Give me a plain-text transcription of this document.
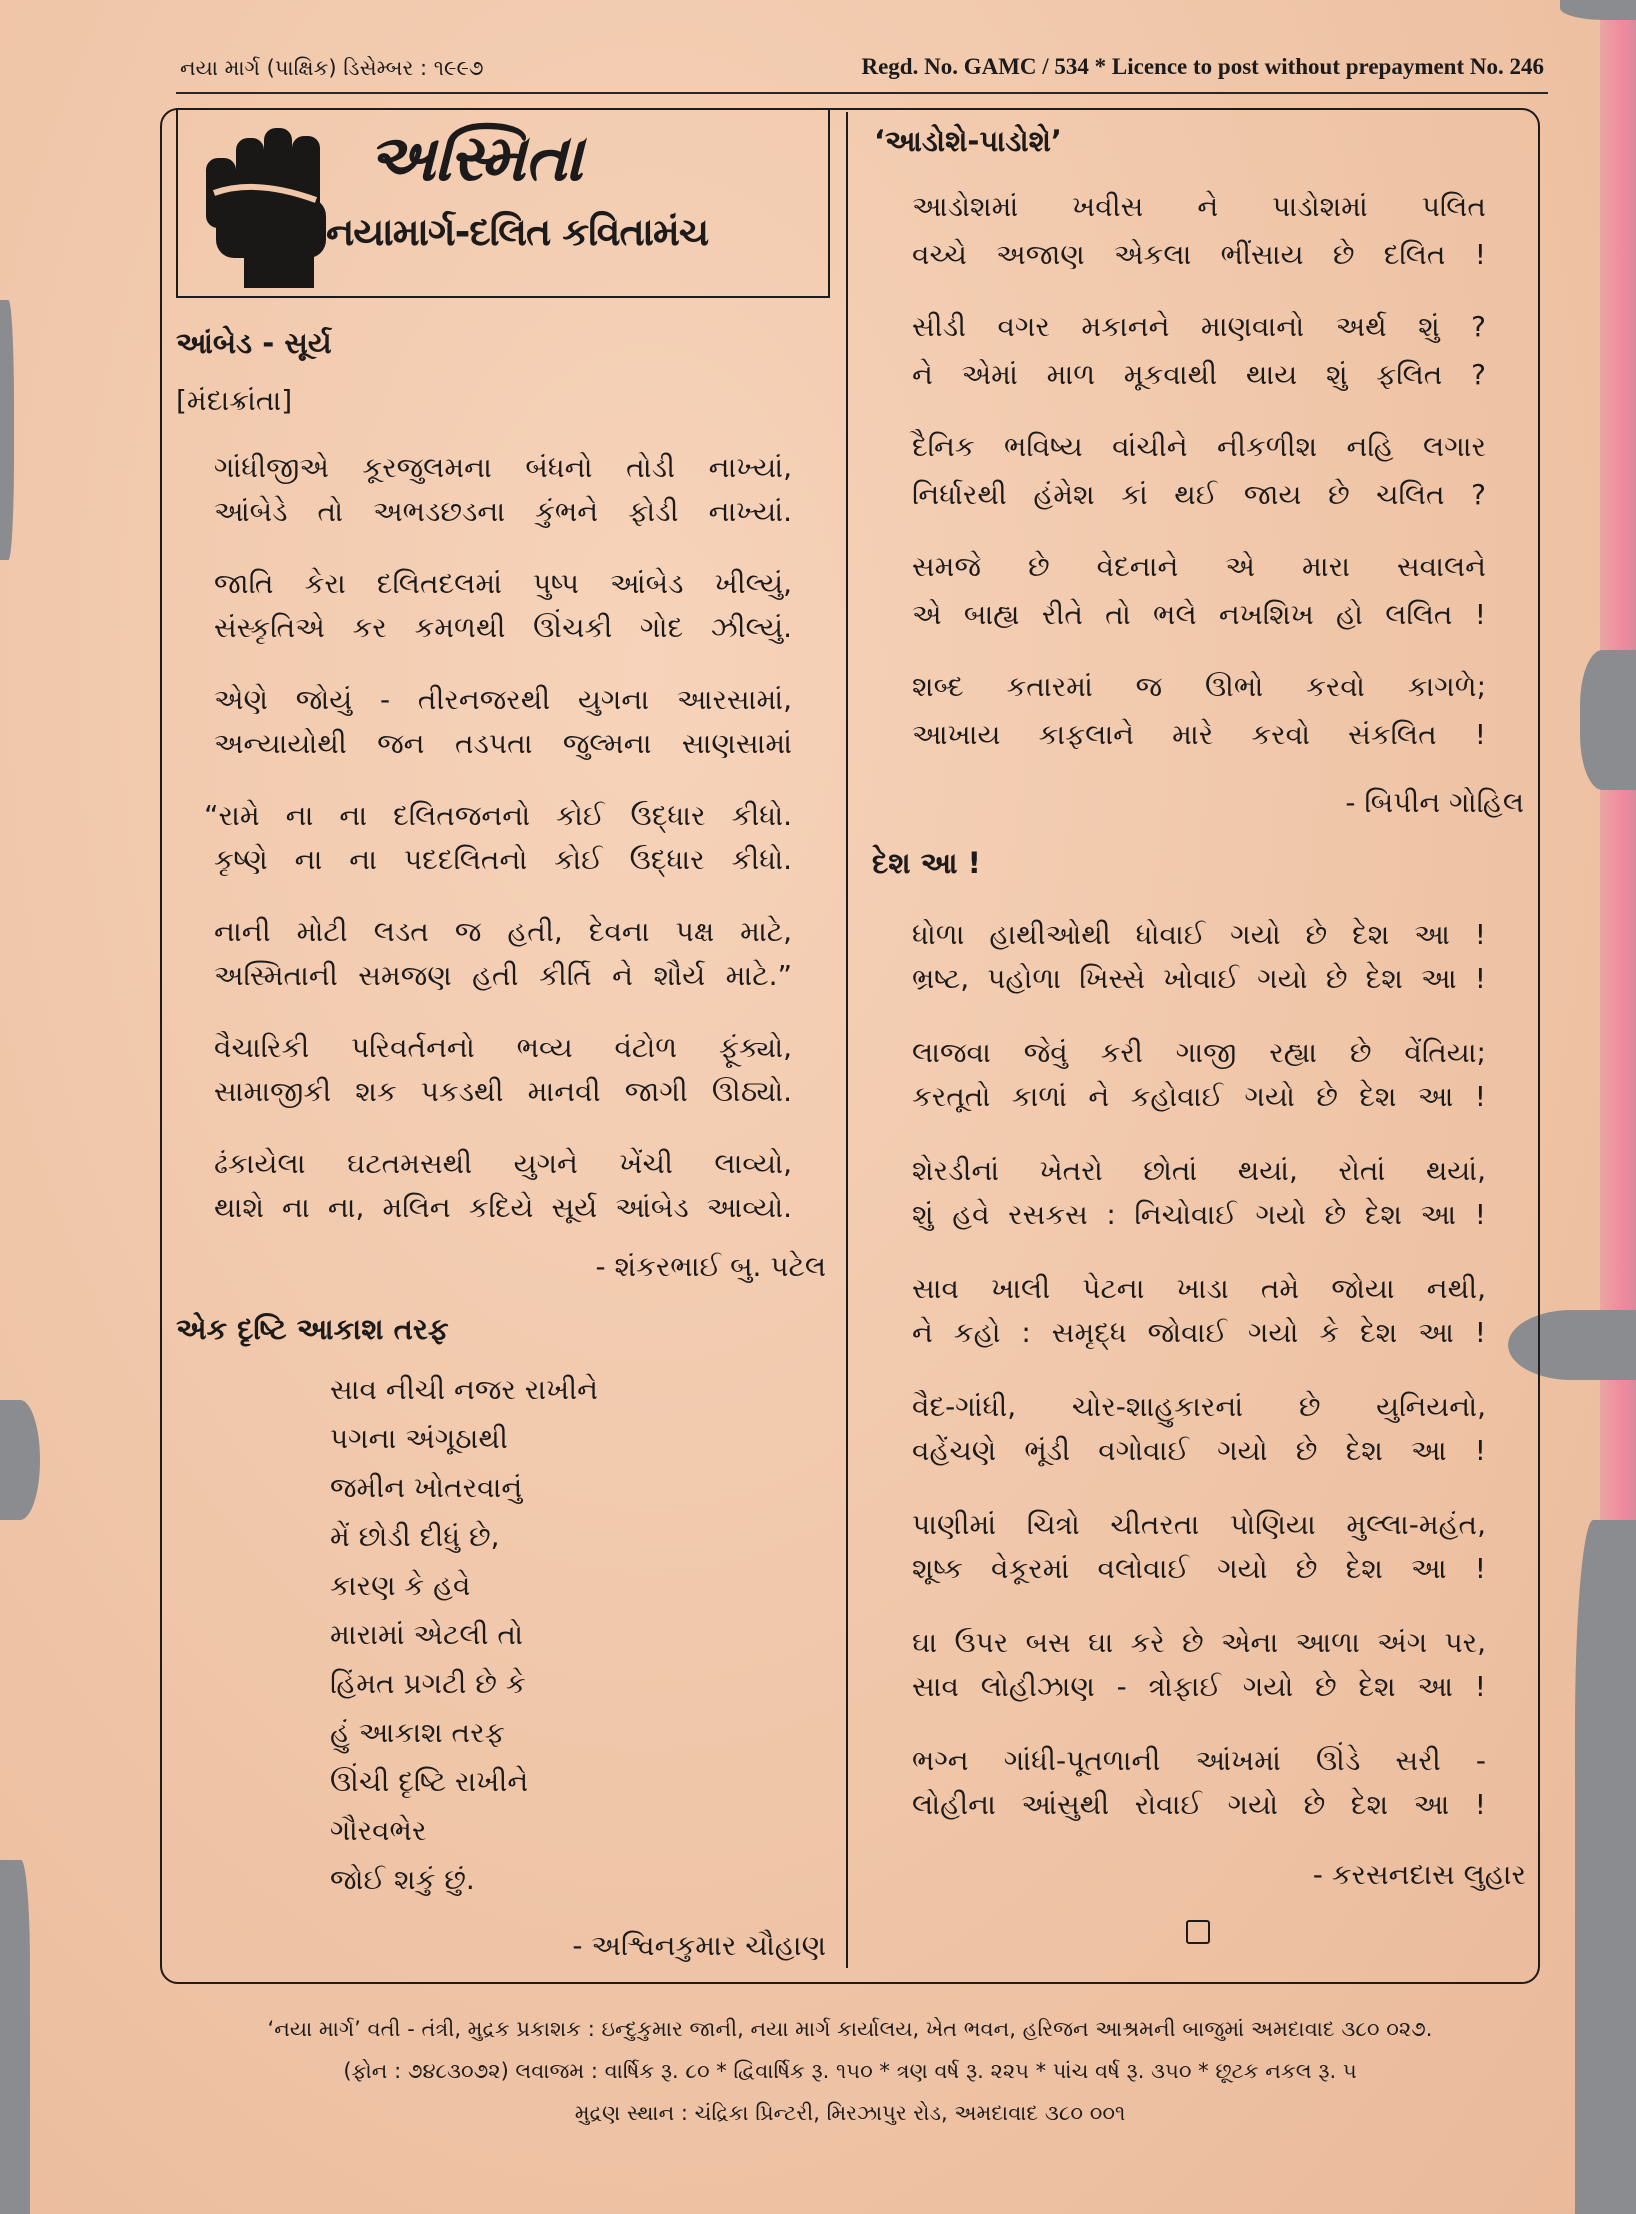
નયા માર્ગ (પાક્ષિક) ડિસેમ્બર : ૧૯૯૭	Regd. No. GAMC / 534 * Licence to post without prepayment No. 246
અસ્મિતા
નયામાર્ગ-દલિત કવિતામંચ
આંબેડ - સૂર્ય
[મંદાક્રાંતા]
ગાંધીજીએ કૂરજુલમના બંધનો તોડી નાખ્યાં,
આંબેડે તો અભડછડના કુંભને ફોડી નાખ્યાં.
જાતિ કેરા દલિતદલમાં પુષ્પ આંબેડ ખીલ્યું,
સંસ્કૃતિએ કર કમળથી ઊંચકી ગોદ ઝીલ્યું.
એણે જોયું - તીરનજરથી યુગના આરસામાં,
અન્યાયોથી જન તડપતા જુલ્મના સાણસામાં
“રામે ના ના દલિતજનનો કોઈ ઉદ્ધાર કીધો.
કૃષ્ણે ના ના પદદલિતનો કોઈ ઉદ્ધાર કીધો.
નાની મોટી લડત જ હતી, દેવના પક્ષ માટે,
અસ્મિતાની સમજણ હતી કીર્તિ ને શૌર્ય માટે.”
વૈચારિકી પરિવર્તનનો ભવ્ય વંટોળ ફૂંક્યો,
સામાજીકી શક પકડથી માનવી જાગી ઊઠ્યો.
ઢંકાયેલા ઘટતમસથી યુગને ખેંચી લાવ્યો,
થાશે ના ના, મલિન કદિયે સૂર્ય આંબેડ આવ્યો.
- શંકરભાઈ બુ. પટેલ
એક દૃષ્ટિ આકાશ તરફ
સાવ નીચી નજર રાખીને
પગના અંગૂઠાથી
જમીન ખોતરવાનું
મેં છોડી દીધું છે,
કારણ કે હવે
મારામાં એટલી તો
હિંમત પ્રગટી છે કે
હું આકાશ તરફ
ઊંચી દૃષ્ટિ રાખીને
ગૌરવભેર
જોઈ શકું છું.
- અશ્વિનકુમાર ચૌહાણ
‘આડોશે-પાડોશે’
આડોશમાં ખવીસ ને પાડોશમાં પલિત
વચ્ચે અજાણ એકલા ભીંસાય છે દલિત !
સીડી વગર મકાનને માણવાનો અર્થ શું ?
ને એમાં માળ મૂકવાથી થાય શું ફલિત ?
દૈનિક ભવિષ્ય વાંચીને નીકળીશ નહિ લગાર
નિર્ધારથી હંમેશ કાં થઈ જાય છે ચલિત ?
સમજે છે વેદનાને એ મારા સવાલને
એ બાહ્ય રીતે તો ભલે નખશિખ હો લલિત !
શબ્દ કતારમાં જ ઊભો કરવો કાગળે;
આખાય કાફલાને મારે કરવો સંકલિત !
- બિપીન ગોહિલ
દેશ આ !
ધોળા હાથીઓથી ધોવાઈ ગયો છે દેશ આ !
ભ્રષ્ટ, પહોળા ખિસ્સે ખોવાઈ ગયો છે દેશ આ !
લાજવા જેવું કરી ગાજી રહ્યા છે વેંતિયા;
કરતૂતો કાળાં ને કહોવાઈ ગયો છે દેશ આ !
શેરડીનાં ખેતરો છોતાં થયાં, રોતાં થયાં,
શું હવે રસકસ : નિચોવાઈ ગયો છે દેશ આ !
સાવ ખાલી પેટના ખાડા તમે જોયા નથી,
ને કહો : સમૃદ્ધ જોવાઈ ગયો કે દેશ આ !
વૈદ-ગાંધી, ચોર-શાહુકારનાં છે યુનિયનો,
વહેંચણે ભૂંડી વગોવાઈ ગયો છે દેશ આ !
પાણીમાં ચિત્રો ચીતરતા પોણિયા મુલ્લા-મહંત,
શૂષ્ક વેકૂરમાં વલોવાઈ ગયો છે દેશ આ !
ઘા ઉપર બસ ઘા કરે છે એના આળા અંગ પર,
સાવ લોહીઝાણ - ત્રોફાઈ ગયો છે દેશ આ !
ભગ્ન ગાંધી-પૂતળાની આંખમાં ઊંડે સરી -
લોહીના આંસુથી રોવાઈ ગયો છે દેશ આ !
- કરસનદાસ લુહાર
‘નયા માર્ગ’ વતી - તંત્રી, મુદ્રક પ્રકાશક : ઇન્દુકુમાર જાની, નયા માર્ગ કાર્યાલય, ખેત ભવન, હરિજન આશ્રમની બાજુમાં અમદાવાદ ૩૮૦ ૦૨૭.
(ફોન : ૭૪૮૩૦૭૨) લવાજમ : વાર્ષિક રૂ. ૮૦ * દ્વિવાર્ષિક રૂ. ૧૫૦ * ત્રણ વર્ષ રૂ. ૨૨૫ * પાંચ વર્ષ રૂ. ૩૫૦ * છૂટક નકલ રૂ. ૫
મુદ્રણ સ્થાન : ચંદ્રિકા પ્રિન્ટરી, મિરઝાપુર રોડ, અમદાવાદ ૩૮૦ ૦૦૧
